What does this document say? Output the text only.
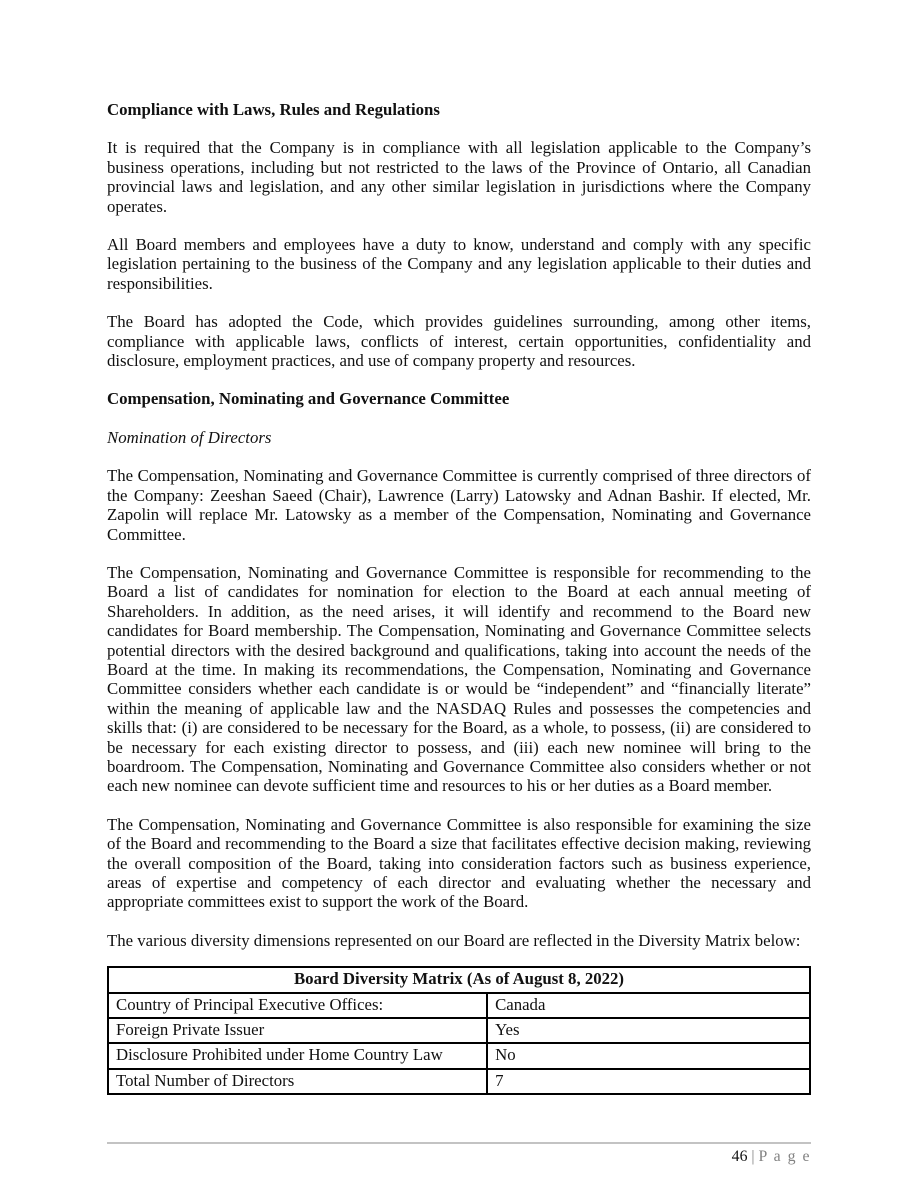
Compliance with Laws, Rules and Regulations

It is required that the Company is in compliance with all legislation applicable to the Company’s business operations, including but not restricted to the laws of the Province of Ontario, all Canadian provincial laws and legislation, and any other similar legislation in jurisdictions where the Company operates.

All Board members and employees have a duty to know, understand and comply with any specific legislation pertaining to the business of the Company and any legislation applicable to their duties and responsibilities.

The Board has adopted the Code, which provides guidelines surrounding, among other items, compliance with applicable laws, conflicts of interest, certain opportunities, confidentiality and disclosure, employment practices, and use of company property and resources.

Compensation, Nominating and Governance Committee

Nomination of Directors

The Compensation, Nominating and Governance Committee is currently comprised of three directors of the Company: Zeeshan Saeed (Chair), Lawrence (Larry) Latowsky and Adnan Bashir. If elected, Mr. Zapolin will replace Mr. Latowsky as a member of the Compensation, Nominating and Governance Committee.

The Compensation, Nominating and Governance Committee is responsible for recommending to the Board a list of candidates for nomination for election to the Board at each annual meeting of Shareholders. In addition, as the need arises, it will identify and recommend to the Board new candidates for Board membership. The Compensation, Nominating and Governance Committee selects potential directors with the desired background and qualifications, taking into account the needs of the Board at the time. In making its recommendations, the Compensation, Nominating and Governance Committee considers whether each candidate is or would be “independent” and “financially literate” within the meaning of applicable law and the NASDAQ Rules and possesses the competencies and skills that: (i) are considered to be necessary for the Board, as a whole, to possess, (ii) are considered to be necessary for each existing director to possess, and (iii) each new nominee will bring to the boardroom. The Compensation, Nominating and Governance Committee also considers whether or not each new nominee can devote sufficient time and resources to his or her duties as a Board member.

The Compensation, Nominating and Governance Committee is also responsible for examining the size of the Board and recommending to the Board a size that facilitates effective decision making, reviewing the overall composition of the Board, taking into consideration factors such as business experience, areas of expertise and competency of each director and evaluating whether the necessary and appropriate committees exist to support the work of the Board.

The various diversity dimensions represented on our Board are reflected in the Diversity Matrix below:

Board Diversity Matrix (As of August 8, 2022)	
Country of Principal Executive Offices:	Canada
Foreign Private Issuer	Yes
Disclosure Prohibited under Home Country Law	No
Total Number of Directors	7
46 | P a g e
